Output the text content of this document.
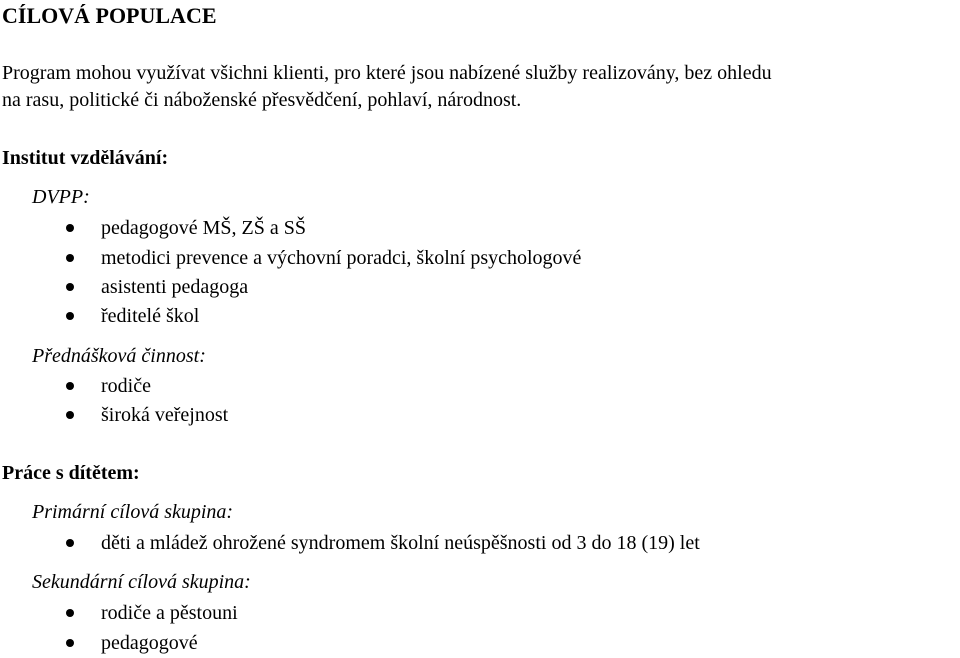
CÍLOVÁ POPULACE
Program mohou využívat všichni klienti, pro které jsou nabízené služby realizovány, bez ohledu
na rasu, politické či náboženské přesvědčení, pohlaví, národnost.
Institut vzdělávání:
DVPP:
pedagogové MŠ, ZŠ a SŠ
metodici prevence a výchovní poradci, školní psychologové
asistenti pedagoga
ředitelé škol
Přednášková činnost:
rodiče
široká veřejnost
Práce s dítětem:
Primární cílová skupina:
děti a mládež ohrožené syndromem školní neúspěšnosti od 3 do 18 (19) let
Sekundární cílová skupina:
rodiče a pěstouni
pedagogové
